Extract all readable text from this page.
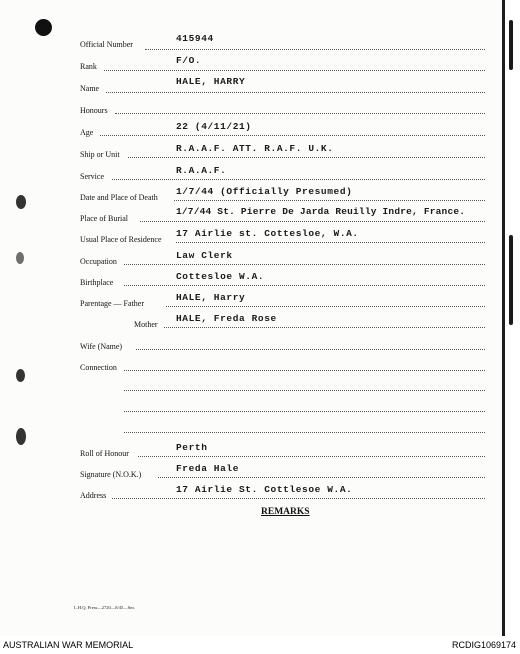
Official Number
415944
Rank
F/O.
Name
HALE, HARRY
Honours
Age
22 (4/11/21)
Ship or Unit
R.A.A.F. ATT. R.A.F. U.K.
Service
R.A.A.F.
Date and Place of Death
1/7/44 (Officially Presumed)
Place of Burial
1/7/44 St. Pierre De Jarda Reuilly Indre, France.
Usual Place of Residence
17 Airlie st. Cottesloe, W.A.
Occupation
Law Clerk
Birthplace
Cottesloe W.A.
Parentage — Father
HALE, Harry
Mother
HALE, Freda Rose
Wife (Name)
Connection
Roll of Honour
Perth
Signature (N.O.K.)
Freda Hale
Address
17 Airlie St. Cottlesoe W.A.
REMARKS
L.H.Q. Press—2720—8/45—Sm.
AUSTRALIAN WAR MEMORIAL	RCDIG1069174
